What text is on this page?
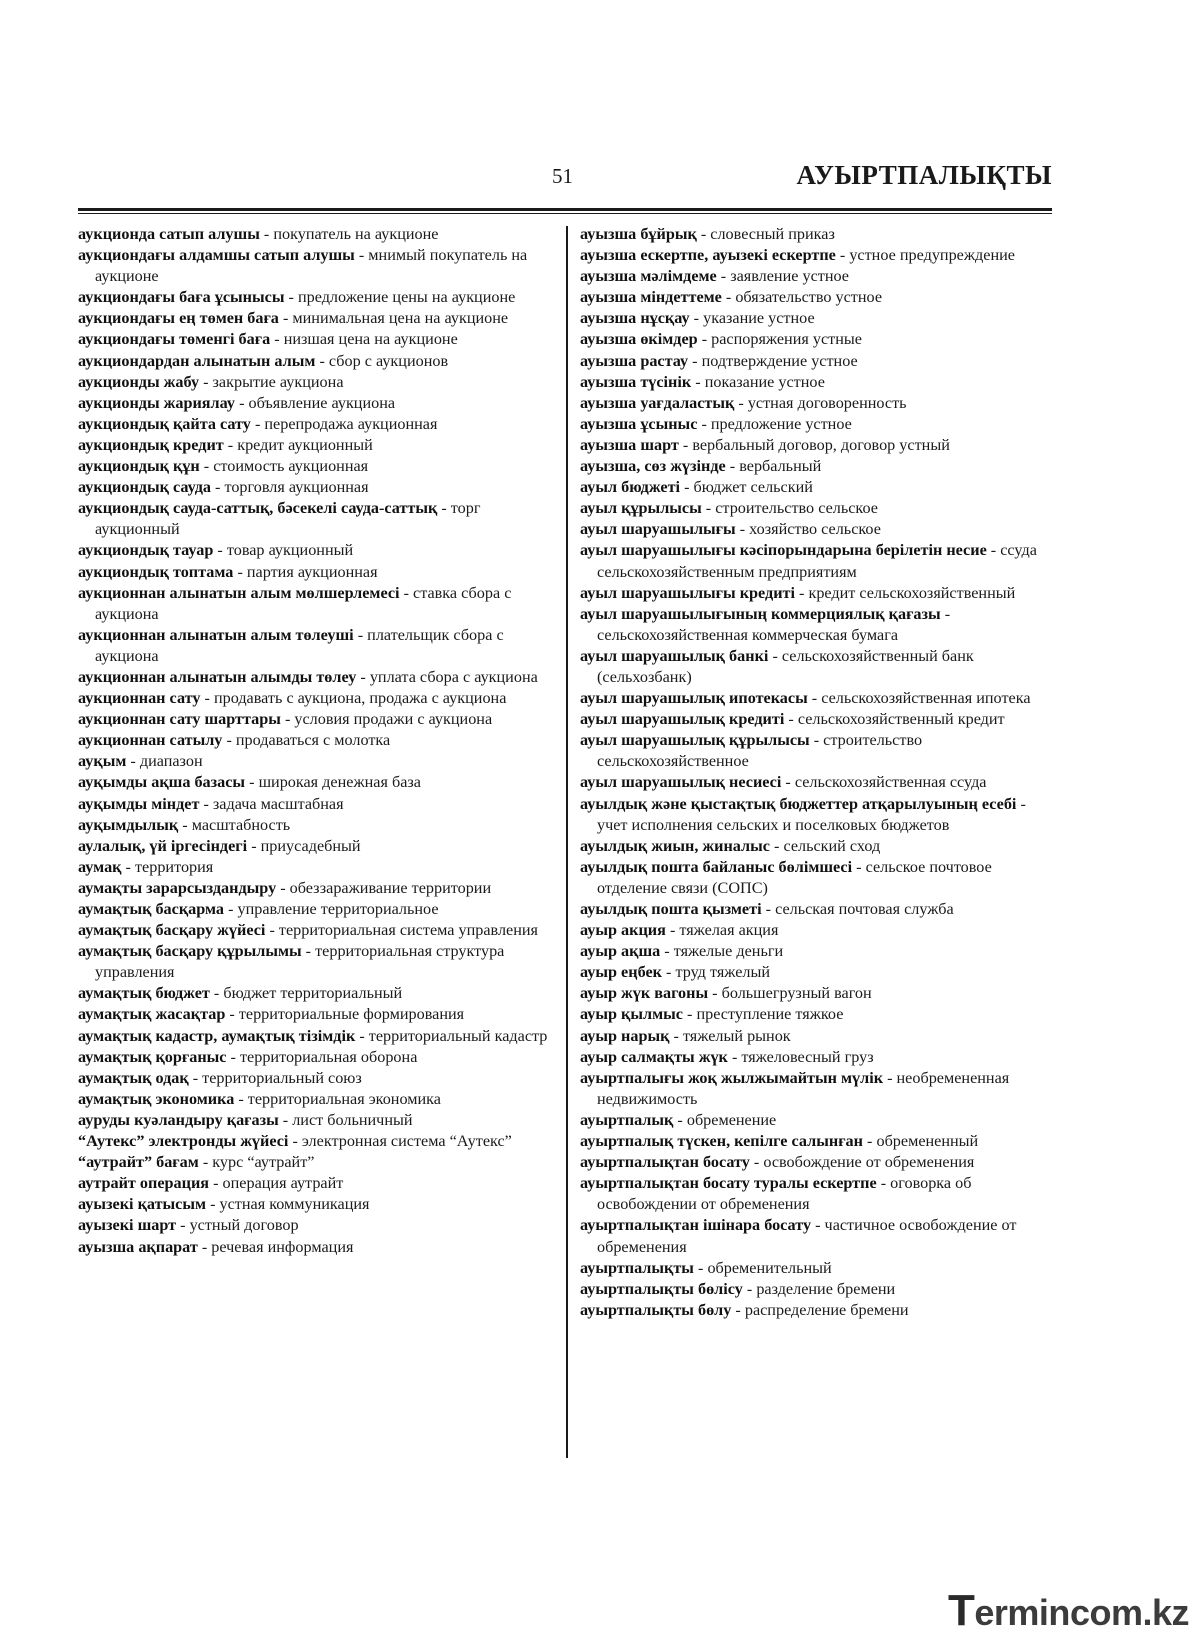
51	АУЫРТПАЛЫҚТЫ

аукционда сатып алушы - покупатель на аукционе

аукциондағы алдамшы сатып алушы - мнимый покупатель на аукционе

аукциондағы баға ұсынысы - предложение цены на аукционе

аукциондағы ең төмен баға - минимальная цена на аукционе

аукциондағы төменгі баға - низшая цена на аукционе

аукциондардан алынатын алым - сбор с аукционов

аукционды жабу - закрытие аукциона

аукционды жариялау - объявление аукциона

аукциондық қайта сату - перепродажа аукционная

аукциондық кредит - кредит аукционный

аукциондық құн - стоимость аукционная

аукциондық сауда - торговля аукционная

аукциондық сауда-саттық, бәсекелі сауда-саттық - торг аукционный

аукциондық тауар - товар аукционный

аукциондық топтама - партия аукционная

аукционнан алынатын алым мөлшерлемесі - ставка сбора с аукциона

аукционнан алынатын алым төлеуші - плательщик сбора с аукциона

аукционнан алынатын алымды төлеу - уплата сбора с аукциона

аукционнан сату - продавать с аукциона, продажа с аукциона

аукционнан сату шарттары - условия продажи с аукциона

аукционнан сатылу - продаваться с молотка

ауқым - диапазон

ауқымды ақша базасы - широкая денежная база

ауқымды міндет - задача масштабная

ауқымдылық - масштабность

аулалық, үй іргесіндегі - приусадебный

аумақ - территория

аумақты зарарсыздандыру - обеззараживание территории

аумақтық басқарма - управление территориальное

аумақтық басқару жүйесі - территориальная система управления

аумақтық басқару құрылымы - территориальная структура управления

аумақтық бюджет - бюджет территориальный

аумақтық жасақтар - территориальные формирования

аумақтық кадастр, аумақтық тізімдік - территориальный кадастр

аумақтық қорғаныс - территориальная оборона

аумақтық одақ - территориальный союз

аумақтық экономика - территориальная экономика

ауруды куәландыру қағазы - лист больничный

“Аутекс” электронды жүйесі - электронная система “Аутекс”

“аутрайт” бағам - курс “аутрайт”

аутрайт операция - операция аутрайт

ауызекі қатысым - устная коммуникация

ауызекі шарт - устный договор

ауызша ақпарат - речевая информация

ауызша бұйрық - словесный приказ

ауызша ескертпе, ауызекі ескертпе - устное предупреждение

ауызша мәлімдеме - заявление устное

ауызша міндеттеме - обязательство устное

ауызша нұсқау - указание устное

ауызша өкімдер - распоряжения устные

ауызша растау - подтверждение устное

ауызша түсінік - показание устное

ауызша уағдаластық - устная договоренность

ауызша ұсыныс - предложение устное

ауызша шарт - вербальный договор, договор устный

ауызша, сөз жүзінде - вербальный

ауыл бюджеті - бюджет сельский

ауыл құрылысы - строительство сельское

ауыл шаруашылығы - хозяйство сельское

ауыл шаруашылығы кәсіпорындарына берілетін несие - ссуда сельскохозяйственным предприятиям

ауыл шаруашылығы кредиті - кредит сельскохозяйственный

ауыл шаруашылығының коммерциялық қағазы - сельскохозяйственная коммерческая бумага

ауыл шаруашылық банкі - сельскохозяйственный банк (сельхозбанк)

ауыл шаруашылық ипотекасы - сельскохозяйственная ипотека

ауыл шаруашылық кредиті - сельскохозяйственный кредит

ауыл шаруашылық құрылысы - строительство сельскохозяйственное

ауыл шаруашылық несиесі - сельскохозяйственная ссуда

ауылдық және қыстақтық бюджеттер атқарылуының есебі - учет исполнения сельских и поселковых бюджетов

ауылдық жиын, жиналыс - сельский сход

ауылдық пошта байланыс бөлімшесі - сельское почтовое отделение связи (СОПС)

ауылдық пошта қызметі - сельская почтовая служба

ауыр акция - тяжелая акция

ауыр ақша - тяжелые деньги

ауыр еңбек - труд тяжелый

ауыр жүк вагоны - большегрузный вагон

ауыр қылмыс - преступление тяжкое

ауыр нарық - тяжелый рынок

ауыр салмақты жүк - тяжеловесный груз

ауыртпалығы жоқ жылжымайтын мүлік - необремененная недвижимость

ауыртпалық - обременение

ауыртпалық түскен, кепілге салынған - обремененный

ауыртпалықтан босату - освобождение от обременения

ауыртпалықтан босату туралы ескертпе - оговорка об освобождении от обременения

ауыртпалықтан ішінара босату - частичное освобождение от обременения

ауыртпалықты - обременительный

ауыртпалықты бөлісу - разделение бремени

ауыртпалықты бөлу - распределение бремени

Termincom.kz
